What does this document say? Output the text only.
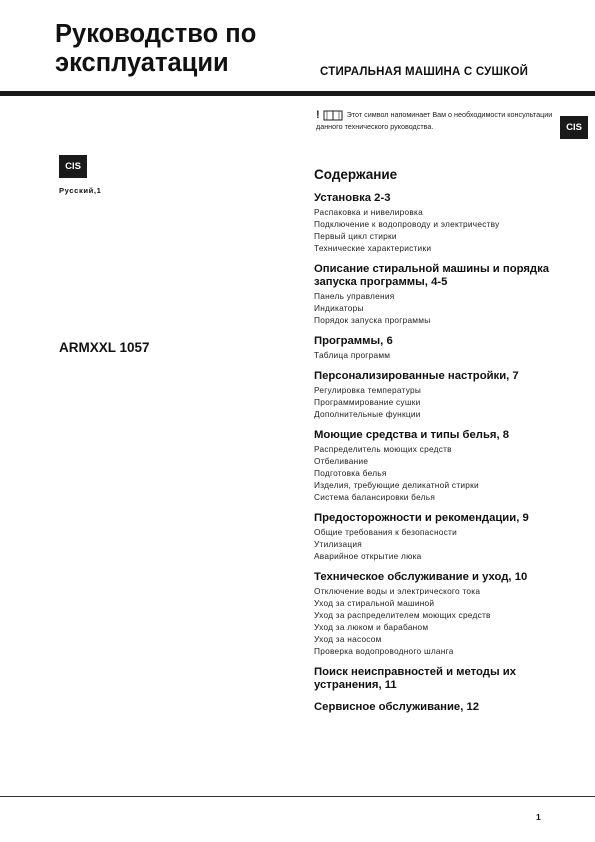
Руководство по
эксплуатации	СТИРАЛЬНАЯ МАШИНА С СУШКОЙ
!	Этот символ напоминает Вам о необходимости консультации данного технического руководства.	CIS
CIS
Русский,1
ARMXXL 1057
Содержание
Установка 2-3
Распаковка и нивелировка
Подключение к водопроводу и электричеству
Первый цикл стирки
Технические характеристики
Описание стиральной машины и порядка запуска программы, 4-5
Панель управления
Индикаторы
Порядок запуска программы
Программы, 6
Таблица программ
Персонализированные настройки, 7
Регулировка температуры
Программирование сушки
Дополнительные функции
Моющие средства и типы белья, 8
Распределитель моющих средств
Отбеливание
Подготовка белья
Изделия, требующие деликатной стирки
Система балансировки белья
Предосторожности и рекомендации, 9
Общие требования к безопасности
Утилизация
Аварийное открытие люка
Техническое обслуживание и уход, 10
Отключение воды и электрического тока
Уход за стиральной машиной
Уход за распределителем моющих средств
Уход за люком и барабаном
Уход за насосом
Проверка водопроводного шланга
Поиск неисправностей и методы их устранения, 11
Сервисное обслуживание, 12
1
